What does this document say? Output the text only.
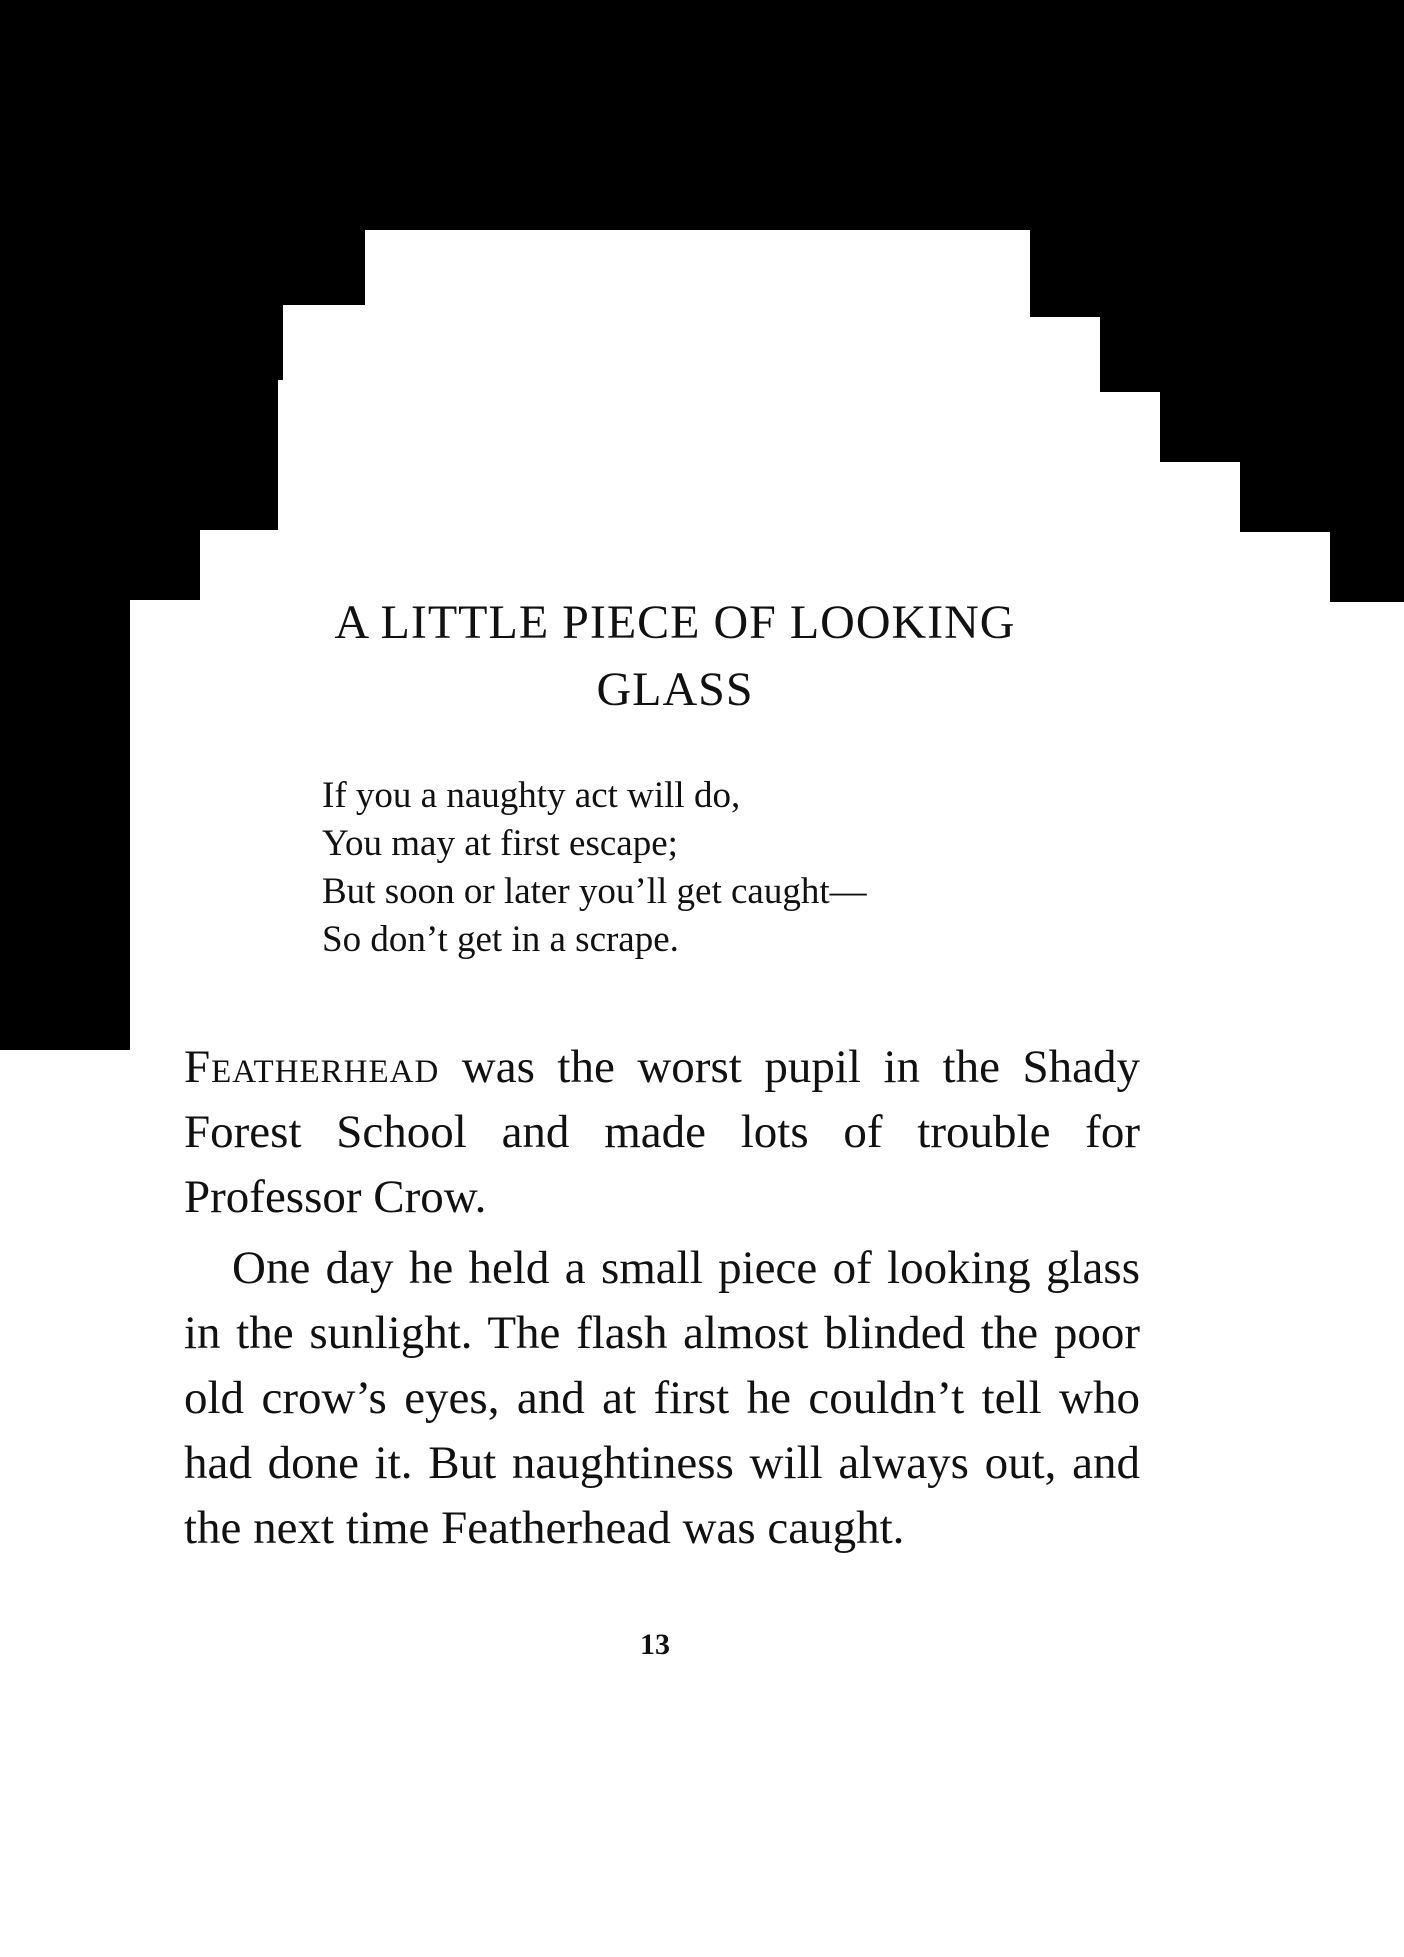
A LITTLE PIECE OF LOOKING
GLASS
If you a naughty act will do,
You may at first escape;
But soon or later you’ll get caught—
So don’t get in a scrape.

Featherhead was the worst pupil in the Shady Forest School and made lots of trouble for Professor Crow.

One day he held a small piece of looking glass in the sunlight. The flash almost blinded the poor old crow’s eyes, and at first he couldn’t tell who had done it. But naughtiness will always out, and the next time Featherhead was caught.

13
